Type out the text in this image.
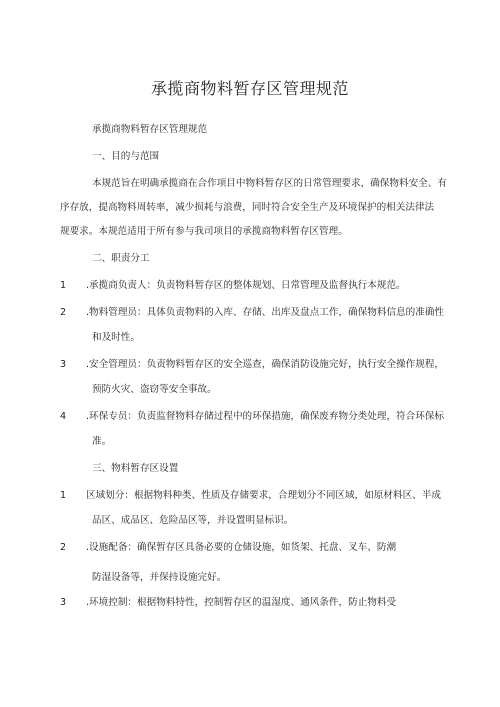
承揽商物料暂存区管理规范
承揽商物料暂存区管理规范
一、目的与范围
本规范旨在明确承揽商在合作项目中物料暂存区的日常管理要求，确保物料安全、有
序存放，提高物料周转率，减少损耗与浪费，同时符合安全生产及环境保护的相关法律法
规要求。本规范适用于所有参与我司项目的承揽商物料暂存区管理。
二、职责分工
1 .承揽商负责人：负责物料暂存区的整体规划、日常管理及监督执行本规范。
2 .物料管理员：具体负责物料的入库、存储、出库及盘点工作，确保物料信息的准确性
和及时性。
3 .安全管理员：负责物料暂存区的安全巡查，确保消防设施完好，执行安全操作规程，
预防火灾、盗窃等安全事故。
4 .环保专员：负责监督物料存储过程中的环保措施，确保废弃物分类处理，符合环保标
准。
三、物料暂存区设置
1 区域划分：根据物料种类、性质及存储要求，合理划分不同区域，如原材料区、半成
品区、成品区、危险品区等，并设置明显标识。
2 .设施配备：确保暂存区具备必要的仓储设施，如货架、托盘、叉车、防潮
防湿设备等，并保持设施完好。
3 .环境控制：根据物料特性，控制暂存区的温湿度、通风条件，防止物料受
